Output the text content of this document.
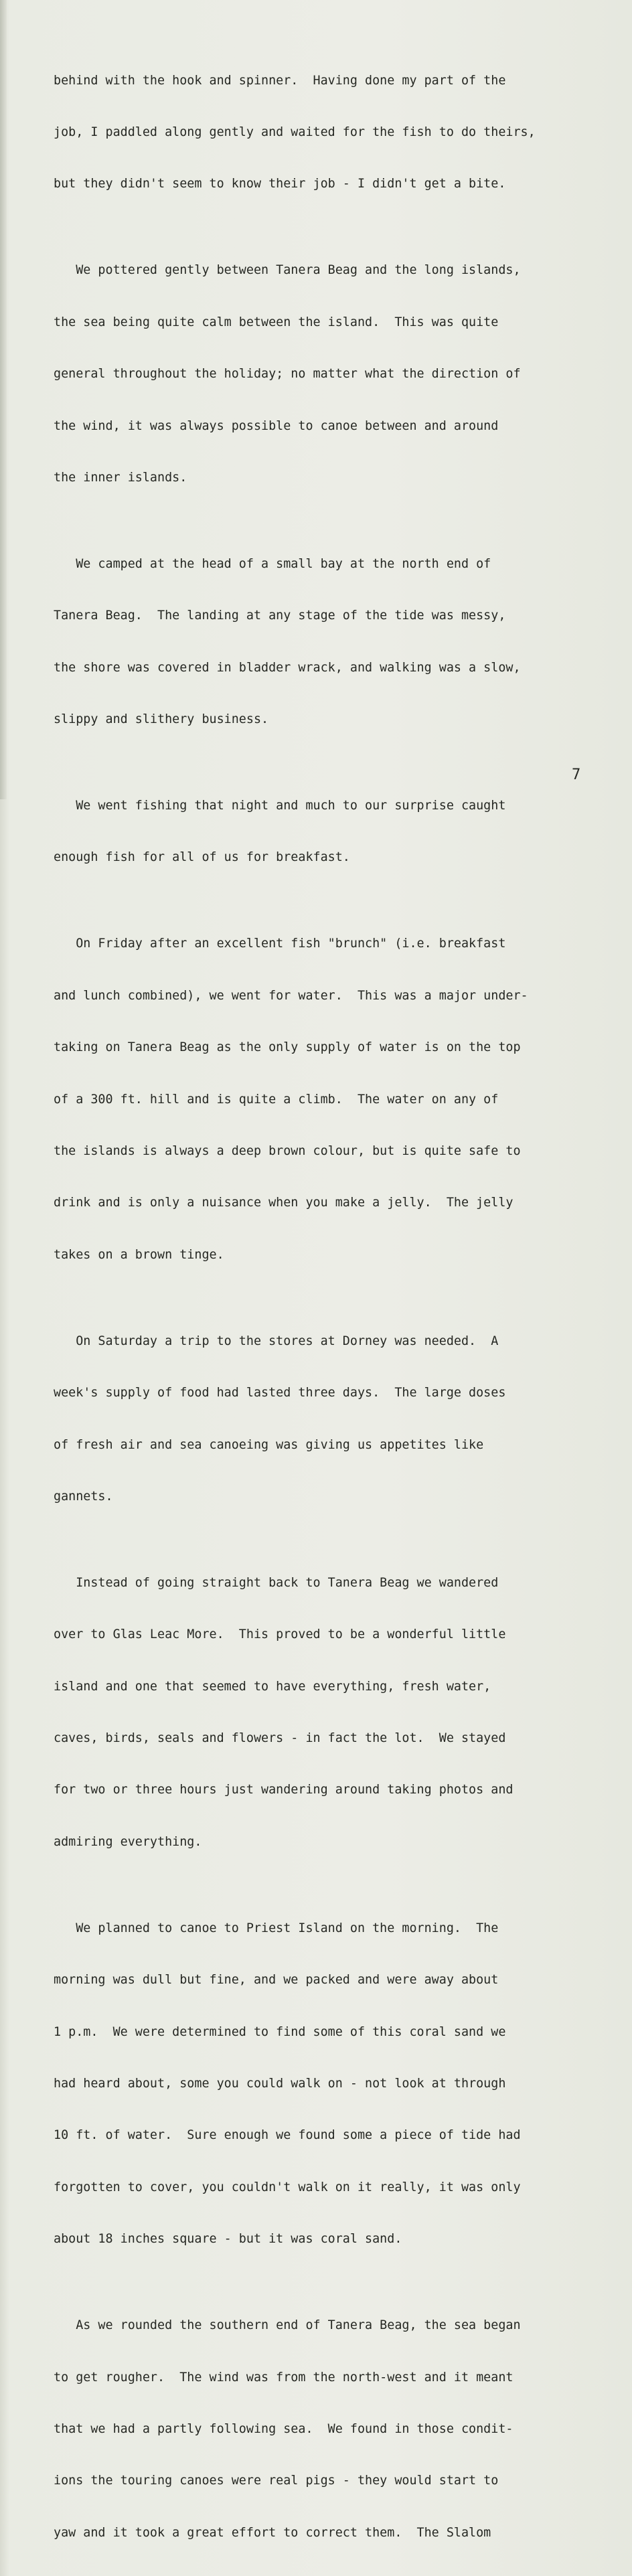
behind with the hook and spinner.  Having done my part of the

job, I paddled along gently and waited for the fish to do theirs,

but they didn't seem to know their job - I didn't get a bite.

We pottered gently between Tanera Beag and the long islands,

the sea being quite calm between the island.  This was quite

general throughout the holiday; no matter what the direction of

the wind, it was always possible to canoe between and around

the inner islands.

We camped at the head of a small bay at the north end of

Tanera Beag.  The landing at any stage of the tide was messy,

the shore was covered in bladder wrack, and walking was a slow,

slippy and slithery business.

We went fishing that night and much to our surprise caught

enough fish for all of us for breakfast.

On Friday after an excellent fish "brunch" (i.e. breakfast

and lunch combined), we went for water.  This was a major under-

taking on Tanera Beag as the only supply of water is on the top

of a 300 ft. hill and is quite a climb.  The water on any of

the islands is always a deep brown colour, but is quite safe to

drink and is only a nuisance when you make a jelly.  The jelly

takes on a brown tinge.

On Saturday a trip to the stores at Dorney was needed.  A

week's supply of food had lasted three days.  The large doses

of fresh air and sea canoeing was giving us appetites like

gannets.

Instead of going straight back to Tanera Beag we wandered

over to Glas Leac More.  This proved to be a wonderful little

island and one that seemed to have everything, fresh water,

caves, birds, seals and flowers - in fact the lot.  We stayed

for two or three hours just wandering around taking photos and

admiring everything.

We planned to canoe to Priest Island on the morning.  The

morning was dull but fine, and we packed and were away about

1 p.m.  We were determined to find some of this coral sand we

had heard about, some you could walk on - not look at through

10 ft. of water.  Sure enough we found some a piece of tide had

forgotten to cover, you couldn't walk on it really, it was only

about 18 inches square - but it was coral sand.

As we rounded the southern end of Tanera Beag, the sea began

to get rougher.  The wind was from the north-west and it meant

that we had a partly following sea.  We found in those condit-

ions the touring canoes were real pigs - they would start to

yaw and it took a great effort to correct them.  The Slalom

7
